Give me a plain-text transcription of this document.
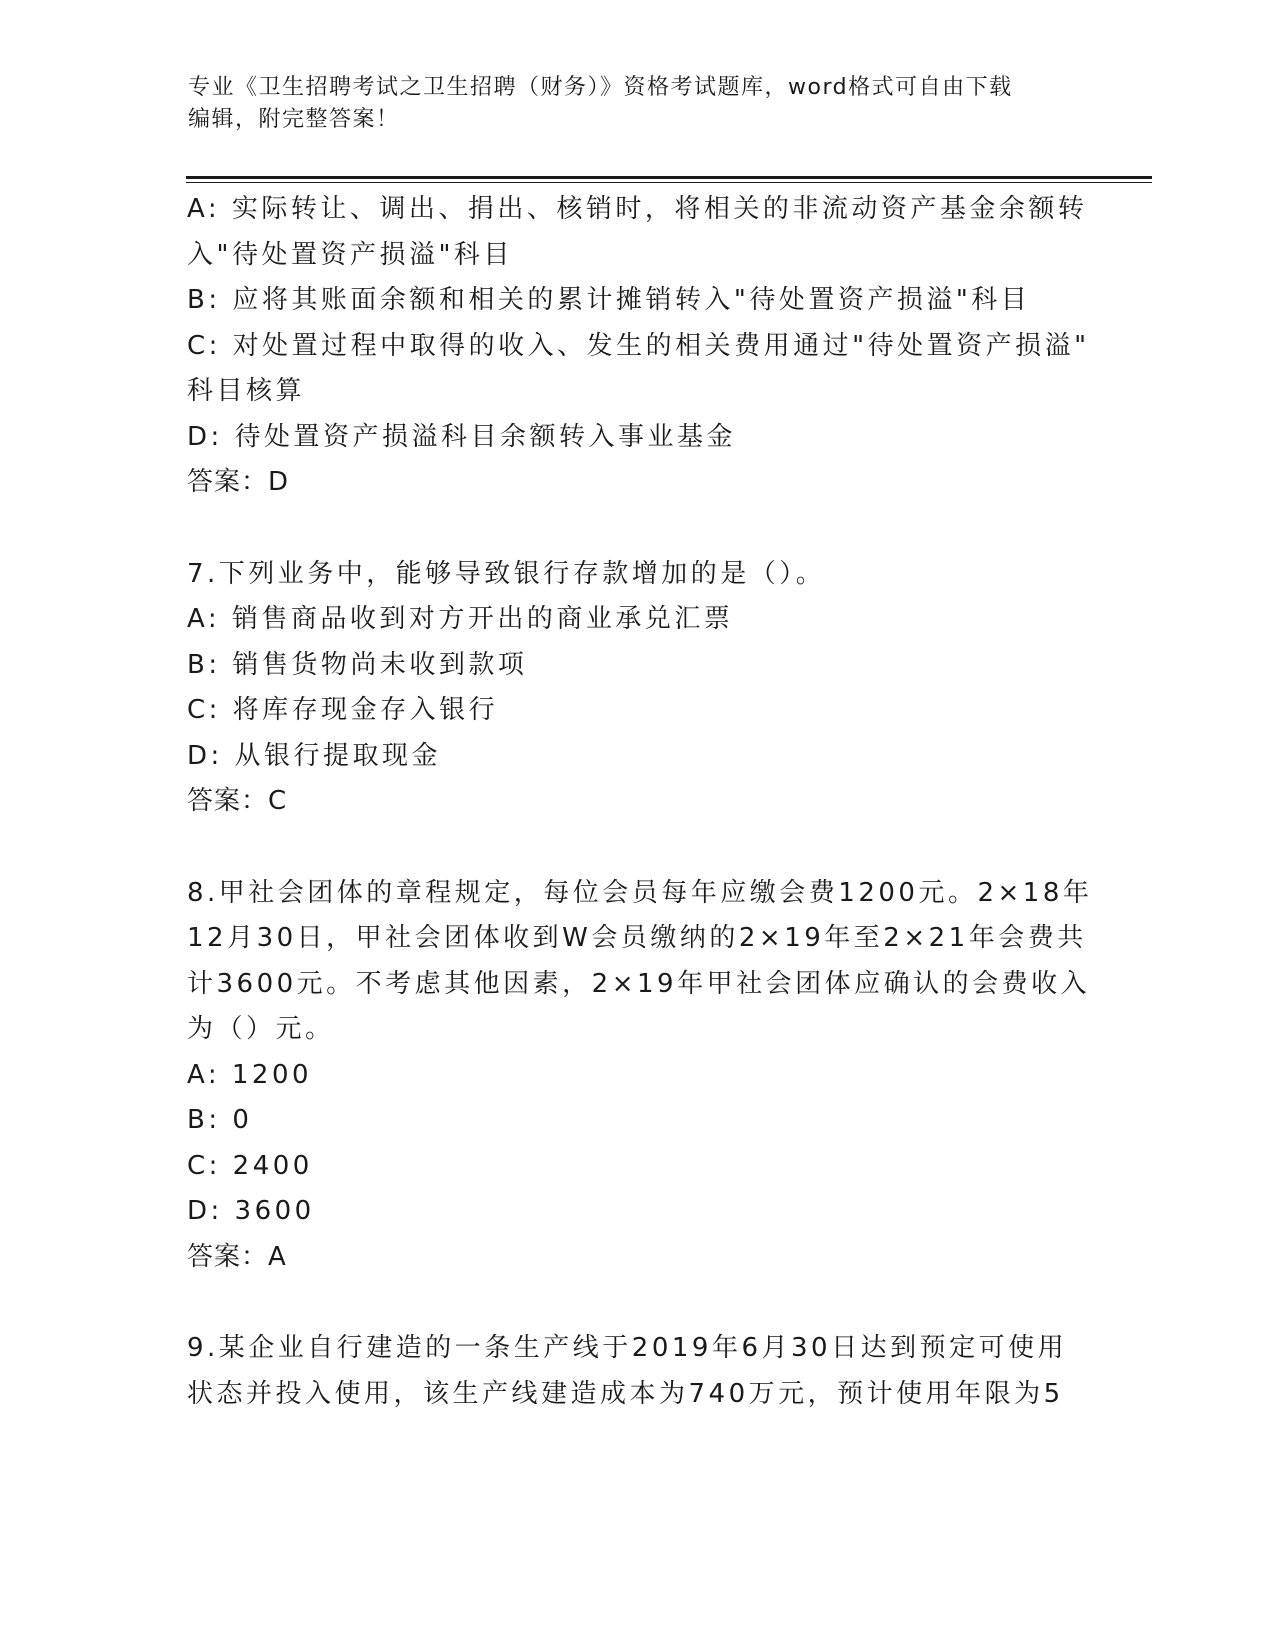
专业《卫生招聘考试之卫生招聘（财务）》资格考试题库，word格式可自由下载
编辑，附完整答案！
A: 实际转让、调出、捐出、核销时，将相关的非流动资产基金余额转
入"待处置资产损溢"科目
B: 应将其账面余额和相关的累计摊销转入"待处置资产损溢"科目
C: 对处置过程中取得的收入、发生的相关费用通过"待处置资产损溢"
科目核算
D: 待处置资产损溢科目余额转入事业基金
答案：D
7.下列业务中，能够导致银行存款增加的是（）。
A: 销售商品收到对方开出的商业承兑汇票
B: 销售货物尚未收到款项
C: 将库存现金存入银行
D: 从银行提取现金
答案：C
8.甲社会团体的章程规定，每位会员每年应缴会费1200元。2×18年
12月30日，甲社会团体收到W会员缴纳的2×19年至2×21年会费共
计3600元。不考虑其他因素，2×19年甲社会团体应确认的会费收入
为（）元。
A: 1200
B: 0
C: 2400
D: 3600
答案：A
9.某企业自行建造的一条生产线于2019年6月30日达到预定可使用
状态并投入使用，该生产线建造成本为740万元，预计使用年限为5
